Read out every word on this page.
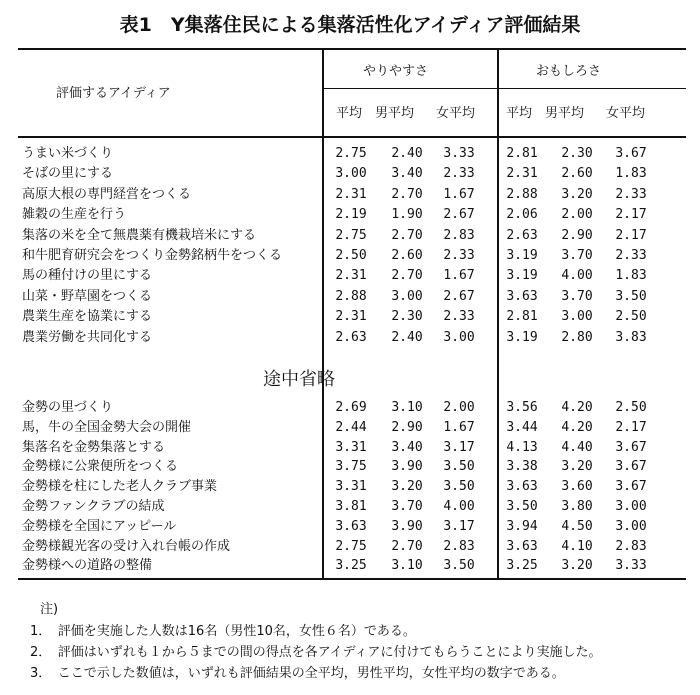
表1　Y集落住民による集落活性化アイディア評価結果
評価するアイディア
やりやすさ	おもしろさ
平均 男平均 女平均 平均 男平均 女平均
うまい米づくり	2.75	2.40	3.33	2.81	2.30	3.67
そばの里にする	3.00	3.40	2.33	2.31	2.60	1.83
高原大根の専門経営をつくる	2.31	2.70	1.67	2.88	3.20	2.33
雑穀の生産を行う	2.19	1.90	2.67	2.06	2.00	2.17
集落の米を全て無農薬有機栽培米にする	2.75	2.70	2.83	2.63	2.90	2.17
和牛肥育研究会をつくり金勢銘柄牛をつくる	2.50	2.60	2.33	3.19	3.70	2.33
馬の種付けの里にする	2.31	2.70	1.67	3.19	4.00	1.83
山菜・野草園をつくる	2.88	3.00	2.67	3.63	3.70	3.50
農業生産を協業にする	2.31	2.30	2.33	2.81	3.00	2.50
農業労働を共同化する	2.63	2.40	3.00	3.19	2.80	3.83
途中省略
金勢の里づくり	2.69	3.10	2.00	3.56	4.20	2.50
馬，牛の全国金勢大会の開催	2.44	2.90	1.67	3.44	4.20	2.17
集落名を金勢集落とする	3.31	3.40	3.17	4.13	4.40	3.67
金勢様に公衆便所をつくる	3.75	3.90	3.50	3.38	3.20	3.67
金勢様を柱にした老人クラブ事業	3.31	3.20	3.50	3.63	3.60	3.67
金勢ファンクラブの結成	3.81	3.70	4.00	3.50	3.80	3.00
金勢様を全国にアッピール	3.63	3.90	3.17	3.94	4.50	3.00
金勢様観光客の受け入れ台帳の作成	2.75	2.70	2.83	3.63	4.10	2.83
金勢様への道路の整備	3.25	3.10	3.50	3.25	3.20	3.33
注)
1．　評価を実施した人数は16名（男性10名，女性６名）である。
2．　評価はいずれも１から５までの間の得点を各アイディアに付けてもらうことにより実施した。
3．　ここで示した数値は，いずれも評価結果の全平均，男性平均，女性平均の数字である。
